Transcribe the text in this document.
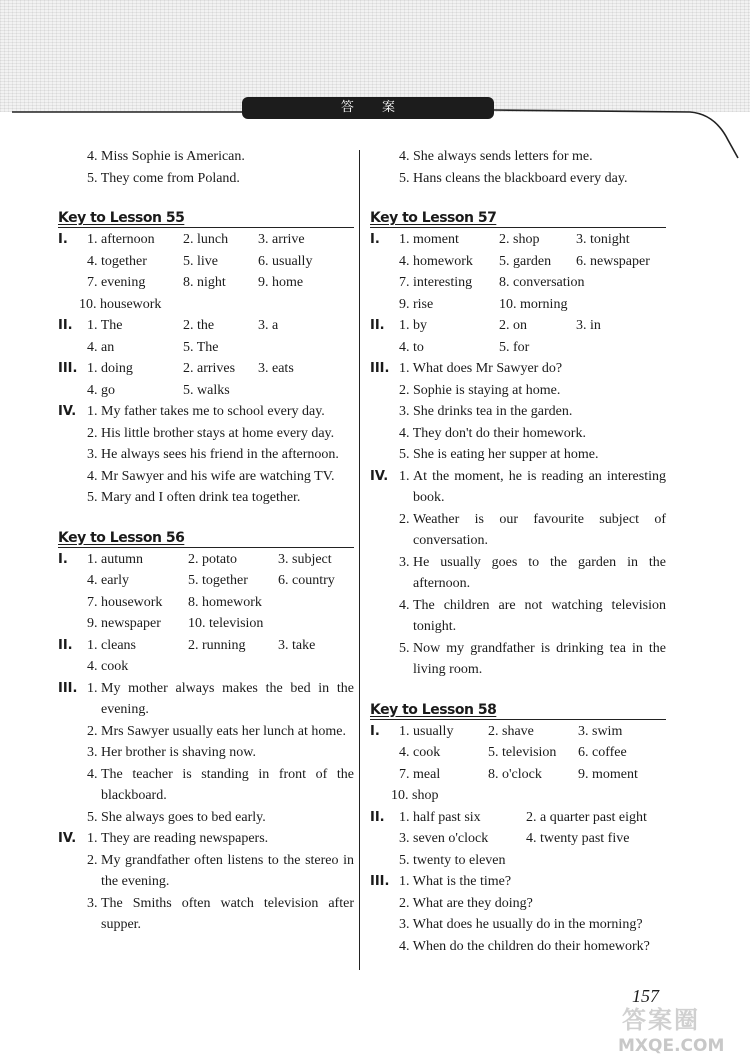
答 案
4. Miss Sophie is American.
5. They come from Poland.
Key to Lesson 55
I. 1. afternoon 2. lunch 3. arrive
4. together	5. live	6. usually
7. evening	8. night 9. home
10. housework
II. 1. The	2. the	3. a
4. an	5. The
III. 1. doing	2. arrives 3. eats
4. go	5. walks
IV. 1. My father takes me to school every day.
2. His little brother stays at home every day.
3. He always sees his friend in the afternoon.
4. Mr Sawyer and his wife are watching TV.
5. Mary and I often drink tea together.
Key to Lesson 56
I. 1. autumn	2. potato	3. subject
4. early	5. together 6. country
7. housework 8. homework
9. newspaper 10. television
II. 1. cleans	2. running 3. take
4. cook
III. 1. My mother always makes the bed in the evening.
2. Mrs Sawyer usually eats her lunch at home.
3. Her brother is shaving now.
4. The teacher is standing in front of the blackboard.
5. She always goes to bed early.
IV. 1. They are reading newspapers.
2. My grandfather often listens to the stereo in the evening.
3. The Smiths often watch television after supper.
4. She always sends letters for me.
5. Hans cleans the blackboard every day.
Key to Lesson 57
I. 1. moment	2. shop	3. tonight
4. homework 5. garden 6. newspaper
7. interesting 8. conversation
9. rise	10. morning
II. 1. by	2. on	3. in
4. to	5. for
III. 1. What does Mr Sawyer do?
2. Sophie is staying at home.
3. She drinks tea in the garden.
4. They don't do their homework.
5. She is eating her supper at home.
IV. 1. At the moment, he is reading an interesting book.
2. Weather is our favourite subject of conversation.
3. He usually goes to the garden in the afternoon.
4. The children are not watching television tonight.
5. Now my grandfather is drinking tea in the living room.
Key to Lesson 58
I. 1. usually 2. shave	3. swim
4. cook	5. television 6. coffee
7. meal	8. o'clock	9. moment
10. shop
II. 1. half past six	2. a quarter past eight
3. seven o'clock	4. twenty past five
5. twenty to eleven
III. 1. What is the time?
2. What are they doing?
3. What does he usually do in the morning?
4. When do the children do their homework?
157
答案圈
MXQE.COM
